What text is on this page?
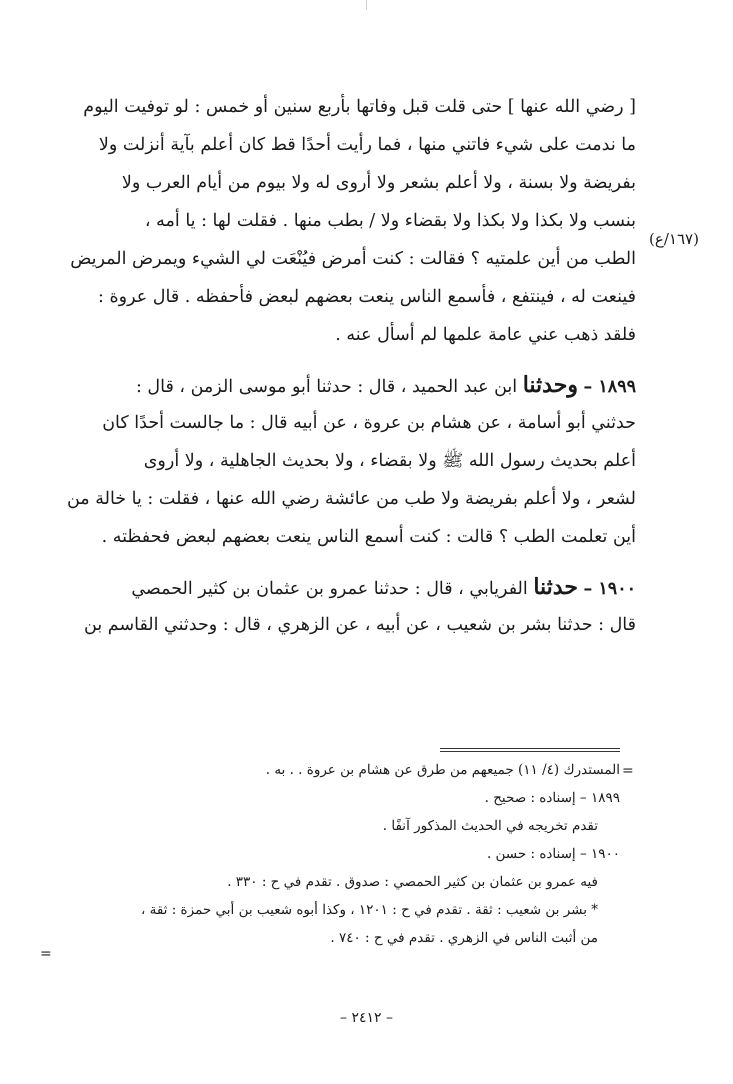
[ رضي الله عنها ] حتى قلت قبل وفاتها بأربع سنين أو خمس : لو توفيت اليوم
ما ندمت على شيء فاتني منها ، فما رأيت أحدًا قط كان أعلم بآية أنزلت ولا
بفريضة ولا بسنة ، ولا أعلم بشعر ولا أروى له ولا بيوم من أيام العرب ولا
بنسب ولا بكذا ولا بكذا ولا بقضاء ولا / بطب منها . فقلت لها : يا أمه ،
الطب من أين علمتيه ؟ فقالت : كنت أمرض فيُنْعَت لي الشيء ويمرض المريض
فينعت له ، فينتفع ، فأسمع الناس ينعت بعضهم لبعض فأحفظه . قال عروة :
فلقد ذهب عني عامة علمها لم أسأل عنه .
١٨٩٩ – وحدثنا ابن عبد الحميد ، قال : حدثنا أبو موسى الزمن ، قال :
حدثني أبو أسامة ، عن هشام بن عروة ، عن أبيه قال : ما جالست أحدًا كان
أعلم بحديث رسول الله ﷺ ولا بقضاء ، ولا بحديث الجاهلية ، ولا أروى
لشعر ، ولا أعلم بفريضة ولا طب من عائشة رضي الله عنها ، فقلت : يا خالة من
أين تعلمت الطب ؟ قالت : كنت أسمع الناس ينعت بعضهم لبعض فحفظته .
١٩٠٠ – حدثنا الفريابي ، قال : حدثنا عمرو بن عثمان بن كثير الحمصي
قال : حدثنا بشر بن شعيب ، عن أبيه ، عن الزهري ، قال : وحدثني القاسم بن
(١٦٧/ع)
=
المستدرك (٤/ ١١) جميعهم من طرق عن هشام بن عروة . . به .
١٨٩٩ – إسناده : صحيح .
تقدم تخريجه في الحديث المذكور آنفًا .
١٩٠٠ – إسناده : حسن .
فيه عمرو بن عثمان بن كثير الحمصي : صدوق . تقدم في ح : ٣٣٠ .
* بشر بن شعيب : ثقة . تقدم في ح : ١٢٠١ ، وكذا أبوه شعيب بن أبي حمزة : ثقة ،
من أثبت الناس في الزهري . تقدم في ح : ٧٤٠ .
=
– ٢٤١٢ –
